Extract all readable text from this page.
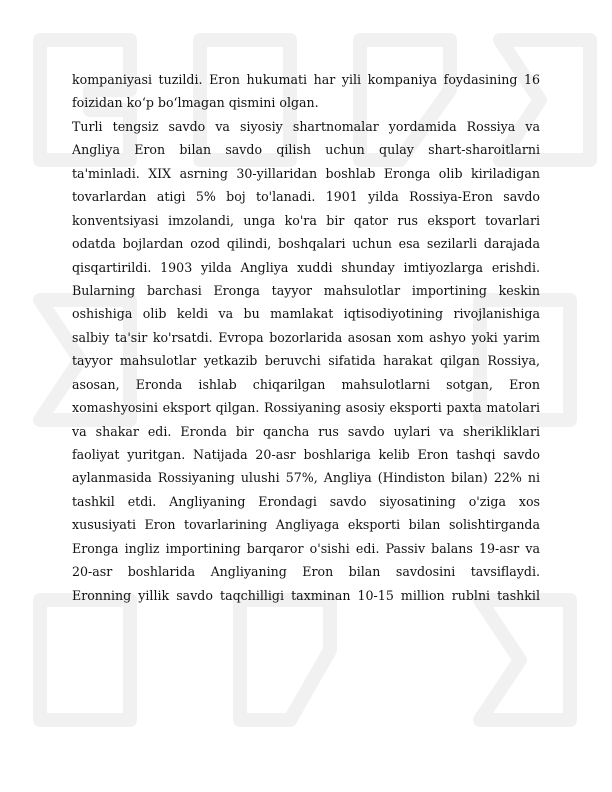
kompaniyasi tuzildi. Eron hukumati har yili kompaniya foydasining 16
foizidan ko‘p bo‘lmagan qismini olgan.
Turli tengsiz savdo va siyosiy shartnomalar yordamida Rossiya va
Angliya Eron bilan savdo qilish uchun qulay shart-sharoitlarni
ta'minladi. XIX asrning 30-yillaridan boshlab Eronga olib kiriladigan
tovarlardan atigi 5% boj to'lanadi. 1901 yilda Rossiya-Eron savdo
konventsiyasi imzolandi, unga ko'ra bir qator rus eksport tovarlari
odatda bojlardan ozod qilindi, boshqalari uchun esa sezilarli darajada
qisqartirildi. 1903 yilda Angliya xuddi shunday imtiyozlarga erishdi.
Bularning barchasi Eronga tayyor mahsulotlar importining keskin
oshishiga olib keldi va bu mamlakat iqtisodiyotining rivojlanishiga
salbiy ta'sir ko'rsatdi. Evropa bozorlarida asosan xom ashyo yoki yarim
tayyor mahsulotlar yetkazib beruvchi sifatida harakat qilgan Rossiya,
asosan, Eronda ishlab chiqarilgan mahsulotlarni sotgan, Eron
xomashyosini eksport qilgan. Rossiyaning asosiy eksporti paxta matolari
va shakar edi. Eronda bir qancha rus savdo uylari va sherikliklari
faoliyat yuritgan. Natijada 20-asr boshlariga kelib Eron tashqi savdo
aylanmasida Rossiyaning ulushi 57%, Angliya (Hindiston bilan) 22% ni
tashkil etdi. Angliyaning Erondagi savdo siyosatining o'ziga xos
xususiyati Eron tovarlarining Angliyaga eksporti bilan solishtirganda
Eronga ingliz importining barqaror o'sishi edi. Passiv balans 19-asr va
20-asr boshlarida Angliyaning Eron bilan savdosini tavsiflaydi.
Eronning yillik savdo taqchilligi taxminan 10-15 million rublni tashkil
